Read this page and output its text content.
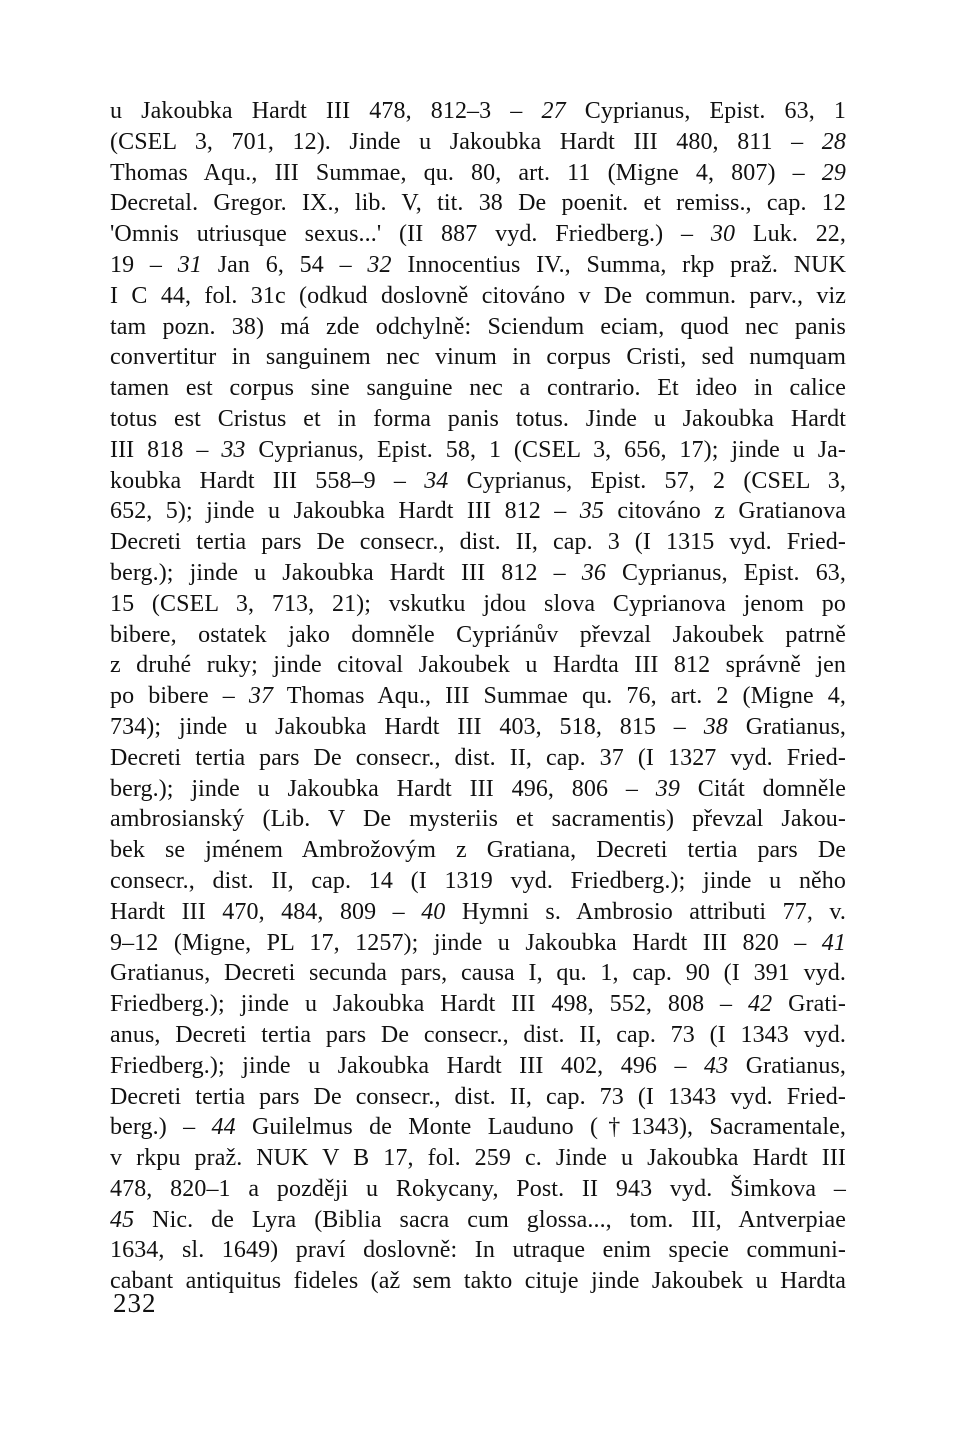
u Jakoubka Hardt III 478, 812–3 – 27 Cyprianus, Epist. 63, 1
(CSEL 3, 701, 12). Jinde u Jakoubka Hardt III 480, 811 – 28
Thomas Aqu., III Summae, qu. 80, art. 11 (Migne 4, 807) – 29
Decretal. Gregor. IX., lib. V, tit. 38 De poenit. et remiss., cap. 12
'Omnis utriusque sexus...' (II 887 vyd. Friedberg.) – 30 Luk. 22,
19 – 31 Jan 6, 54 – 32 Innocentius IV., Summa, rkp praž. NUK
I C 44, fol. 31c (odkud doslovně citováno v De commun. parv., viz
tam pozn. 38) má zde odchylně: Sciendum eciam, quod nec panis
convertitur in sanguinem nec vinum in corpus Cristi, sed numquam
tamen est corpus sine sanguine nec a contrario. Et ideo in calice
totus est Cristus et in forma panis totus. Jinde u Jakoubka Hardt
III 818 – 33 Cyprianus, Epist. 58, 1 (CSEL 3, 656, 17); jinde u Ja-
koubka Hardt III 558–9 – 34 Cyprianus, Epist. 57, 2 (CSEL 3,
652, 5); jinde u Jakoubka Hardt III 812 – 35 citováno z Gratianova
Decreti tertia pars De consecr., dist. II, cap. 3 (I 1315 vyd. Fried-
berg.); jinde u Jakoubka Hardt III 812 – 36 Cyprianus, Epist. 63,
15 (CSEL 3, 713, 21); vskutku jdou slova Cyprianova jenom po
bibere, ostatek jako domněle Cypriánův převzal Jakoubek patrně
z druhé ruky; jinde citoval Jakoubek u Hardta III 812 správně jen
po bibere – 37 Thomas Aqu., III Summae qu. 76, art. 2 (Migne 4,
734); jinde u Jakoubka Hardt III 403, 518, 815 – 38 Gratianus,
Decreti tertia pars De consecr., dist. II, cap. 37 (I 1327 vyd. Fried-
berg.); jinde u Jakoubka Hardt III 496, 806 – 39 Citát domněle
ambrosianský (Lib. V De mysteriis et sacramentis) převzal Jakou-
bek se jménem Ambrožovým z Gratiana, Decreti tertia pars De
consecr., dist. II, cap. 14 (I 1319 vyd. Friedberg.); jinde u něho
Hardt III 470, 484, 809 – 40 Hymni s. Ambrosio attributi 77, v.
9–12 (Migne, PL 17, 1257); jinde u Jakoubka Hardt III 820 – 41
Gratianus, Decreti secunda pars, causa I, qu. 1, cap. 90 (I 391 vyd.
Friedberg.); jinde u Jakoubka Hardt III 498, 552, 808 – 42 Grati-
anus, Decreti tertia pars De consecr., dist. II, cap. 73 (I 1343 vyd.
Friedberg.); jinde u Jakoubka Hardt III 402, 496 – 43 Gratianus,
Decreti tertia pars De consecr., dist. II, cap. 73 (I 1343 vyd. Fried-
berg.) – 44 Guilelmus de Monte Lauduno (†1343), Sacramentale,
v rkpu praž. NUK V B 17, fol. 259 c. Jinde u Jakoubka Hardt III
478, 820–1 a později u Rokycany, Post. II 943 vyd. Šimkova –
45 Nic. de Lyra (Biblia sacra cum glossa..., tom. III, Antverpiae
1634, sl. 1649) praví doslovně: In utraque enim specie communi-
cabant antiquitus fideles (až sem takto cituje jinde Jakoubek u Hardta
232
